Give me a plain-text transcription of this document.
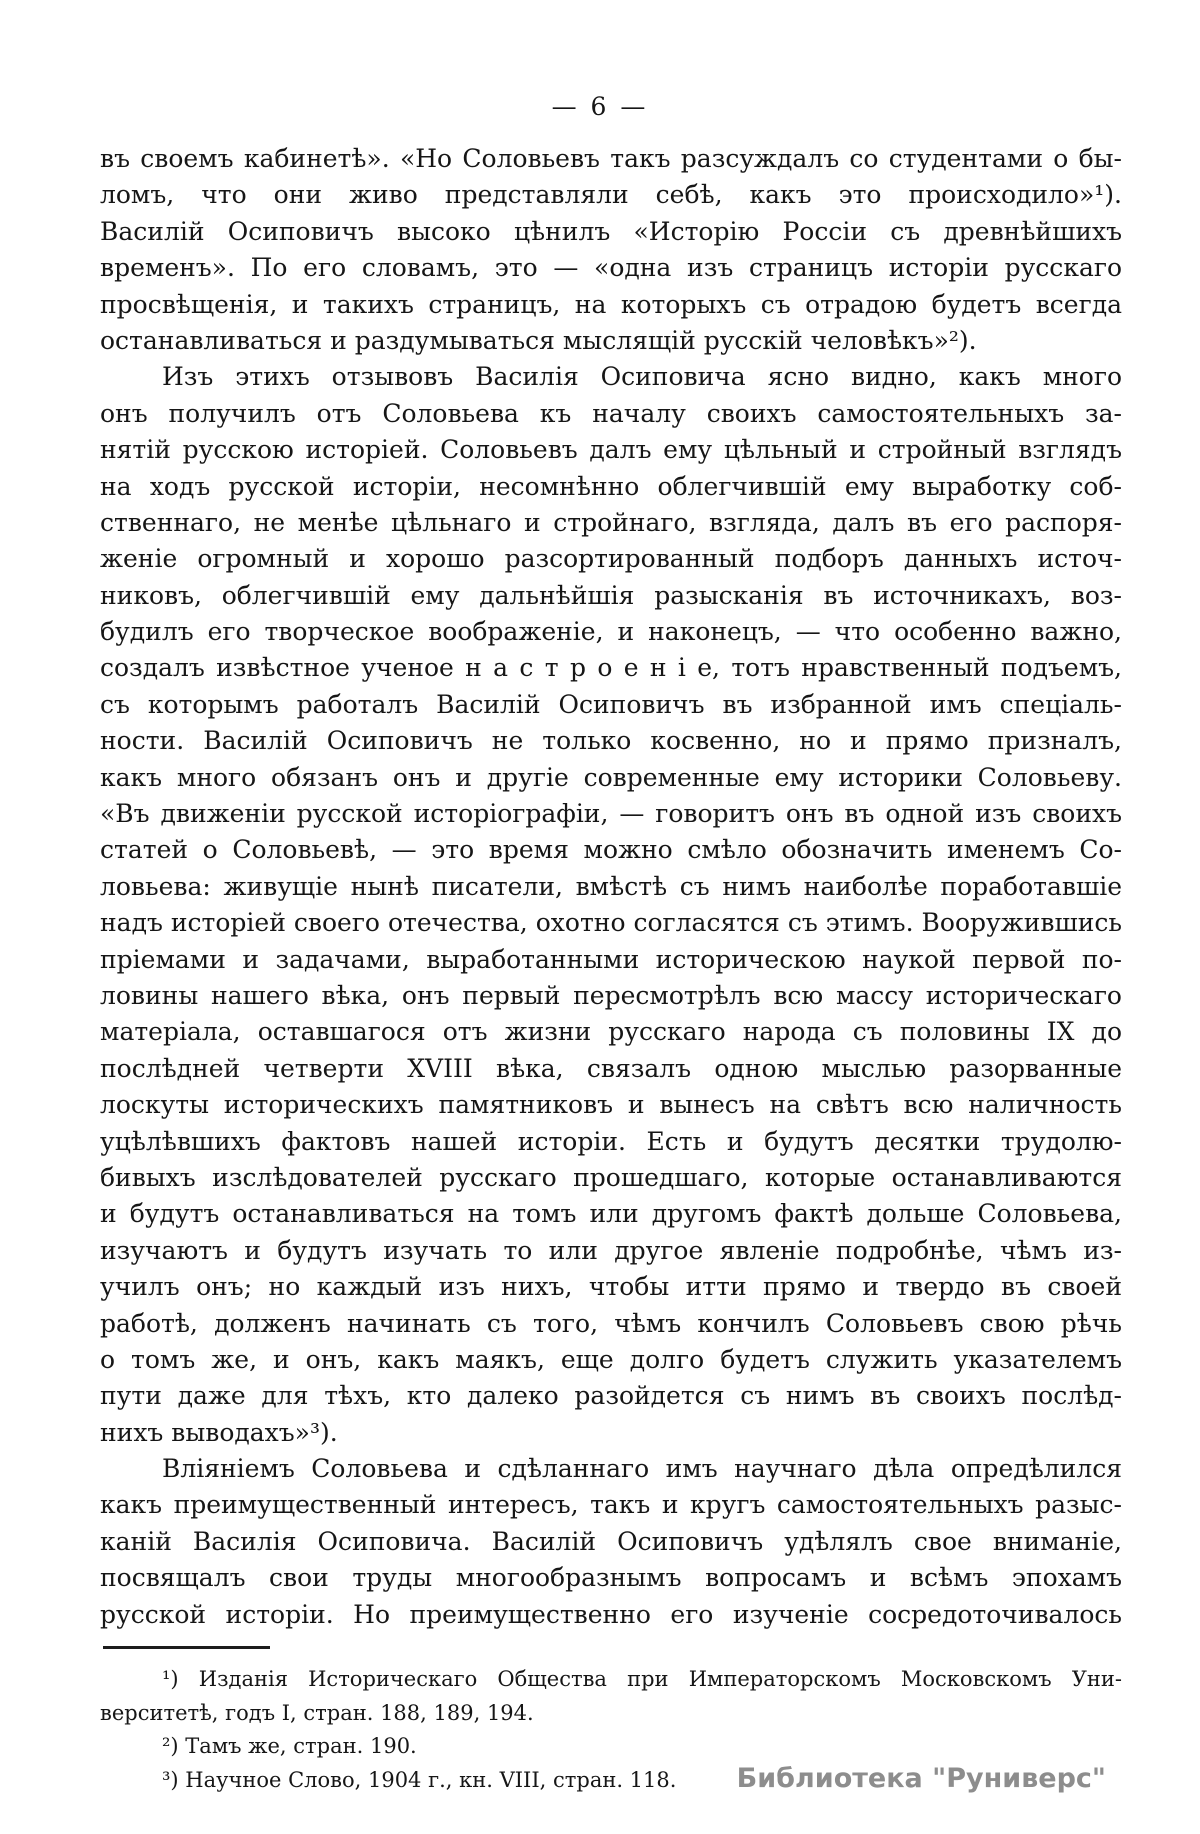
— 6 —
въ своемъ кабинетѣ». «Но Соловьевъ такъ разсуждалъ со студентами о бы-
ломъ, что они живо представляли себѣ, какъ это происходило»¹).
Василій Осиповичъ высоко цѣнилъ «Исторію Россіи съ древнѣйшихъ
временъ». По его словамъ, это — «одна изъ страницъ исторіи русскаго
просвѣщенія, и такихъ страницъ, на которыхъ съ отрадою будетъ всегда
останавливаться и раздумываться мыслящій русскій человѣкъ»²).
Изъ этихъ отзывовъ Василія Осиповича ясно видно, какъ много
онъ получилъ отъ Соловьева къ началу своихъ самостоятельныхъ за-
нятій русскою исторіей. Соловьевъ далъ ему цѣльный и стройный взглядъ
на ходъ русской исторіи, несомнѣнно облегчившій ему выработку соб-
ственнаго, не менѣе цѣльнаго и стройнаго, взгляда, далъ въ его распоря-
женіе огромный и хорошо разсортированный подборъ данныхъ источ-
никовъ, облегчившій ему дальнѣйшія разысканія въ источникахъ, воз-
будилъ его творческое воображеніе, и наконецъ, — что особенно важно,
создалъ извѣстное ученое н а с т р о е н і е, тотъ нравственный подъемъ,
съ которымъ работалъ Василій Осиповичъ въ избранной имъ спеціаль-
ности. Василій Осиповичъ не только косвенно, но и прямо призналъ,
какъ много обязанъ онъ и другіе современные ему историки Соловьеву.
«Въ движеніи русской исторіографіи, — говоритъ онъ въ одной изъ своихъ
статей о Соловьевѣ, — это время можно смѣло обозначить именемъ Со-
ловьева: живущіе нынѣ писатели, вмѣстѣ съ нимъ наиболѣе поработавшіе
надъ исторіей своего отечества, охотно согласятся съ этимъ. Вооружившись
пріемами и задачами, выработанными историческою наукой первой по-
ловины нашего вѣка, онъ первый пересмотрѣлъ всю массу историческаго
матеріала, оставшагося отъ жизни русскаго народа съ половины IX до
послѣдней четверти XVIII вѣка, связалъ одною мыслью разорванные
лоскуты историческихъ памятниковъ и вынесъ на свѣтъ всю наличность
уцѣлѣвшихъ фактовъ нашей исторіи. Есть и будутъ десятки трудолю-
бивыхъ изслѣдователей русскаго прошедшаго, которые останавливаются
и будутъ останавливаться на томъ или другомъ фактѣ дольше Соловьева,
изучаютъ и будутъ изучать то или другое явленіе подробнѣе, чѣмъ из-
училъ онъ; но каждый изъ нихъ, чтобы итти прямо и твердо въ своей
работѣ, долженъ начинать съ того, чѣмъ кончилъ Соловьевъ свою рѣчь
о томъ же, и онъ, какъ маякъ, еще долго будетъ служить указателемъ
пути даже для тѣхъ, кто далеко разойдется съ нимъ въ своихъ послѣд-
нихъ выводахъ»³).
Вліяніемъ Соловьева и сдѣланнаго имъ научнаго дѣла опредѣлился
какъ преимущественный интересъ, такъ и кругъ самостоятельныхъ разыс-
каній Василія Осиповича. Василій Осиповичъ удѣлялъ свое вниманіе,
посвящалъ свои труды многообразнымъ вопросамъ и всѣмъ эпохамъ
русской исторіи. Но преимущественно его изученіе сосредоточивалось
¹) Изданія Историческаго Общества при Императорскомъ Московскомъ Уни-
верситетѣ, годъ I, стран. 188, 189, 194.
²) Тамъ же, стран. 190.
³) Научное Слово, 1904 г., кн. VIII, стран. 118.	Библиотека "Руниверс"
